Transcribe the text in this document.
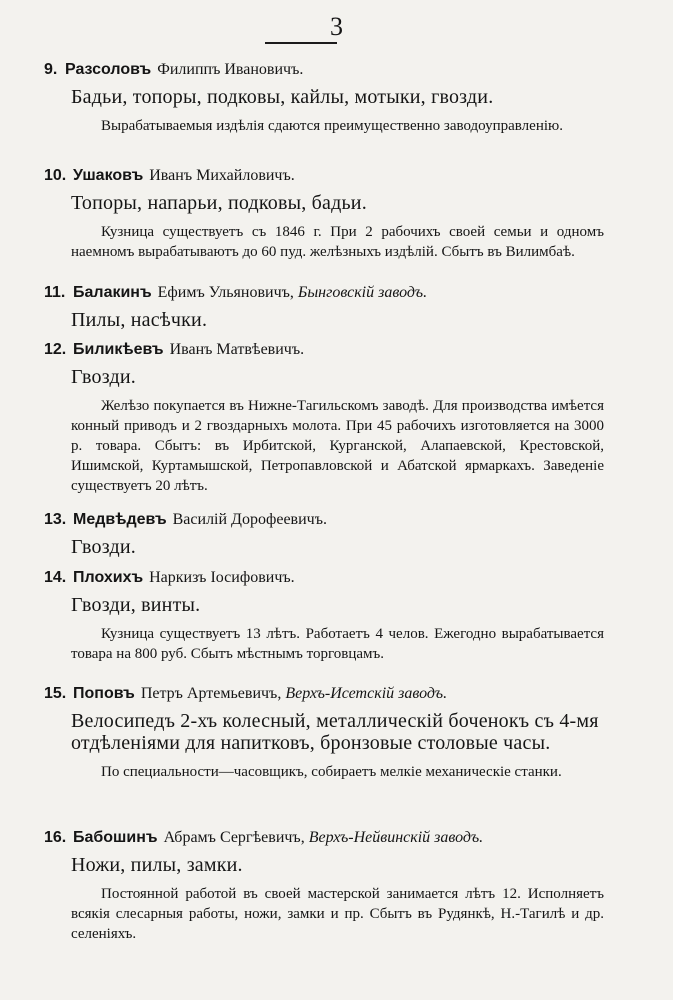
3
9. Разсоловъ Филиппъ Ивановичъ.
Бадьи, топоры, подковы, кайлы, мотыки, гвозди.
Вырабатываемыя издѣлія сдаются преимущественно заводоуправленію.
10. Ушаковъ Иванъ Михайловичъ.
Топоры, напарьи, подковы, бадьи.
Кузница существуетъ съ 1846 г. При 2 рабочихъ своей семьи и одномъ наемномъ вырабатываютъ до 60 пуд. желѣзныхъ издѣлій. Сбытъ въ Вилимбаѣ.
11. Балакинъ Ефимъ Ульяновичъ, Бынговскій заводъ.
Пилы, насѣчки.
12. Биликѣевъ Иванъ Матвѣевичъ.
Гвозди.
Желѣзо покупается въ Нижне-Тагильскомъ заводѣ. Для производства имѣется конный приводъ и 2 гвоздарныхъ молота. При 45 рабочихъ изготовляется на 3000 р. товара. Сбытъ: въ Ирбитской, Курганской, Алапаевской, Крестовской, Ишимской, Куртамышской, Петропавловской и Абатской ярмаркахъ. Заведеніе существуетъ 20 лѣтъ.
13. Медвѣдевъ Василій Дорофеевичъ.
Гвозди.
14. Плохихъ Наркизъ Іосифовичъ.
Гвозди, винты.
Кузница существуетъ 13 лѣтъ. Работаетъ 4 челов. Ежегодно вырабатывается товара на 800 руб. Сбытъ мѣстнымъ торговцамъ.
15. Поповъ Петръ Артемьевичъ, Верхъ-Исетскій заводъ.
Велосипедъ 2-хъ колесный, металлическій боченокъ съ 4-мя отдѣленіями для напитковъ, бронзовые столовые часы.
По специальности—часовщикъ, собираетъ мелкіе механическіе станки.
16. Бабошинъ Абрамъ Сергѣевичъ, Верхъ-Нейвинскій заводъ.
Ножи, пилы, замки.
Постоянной работой въ своей мастерской занимается лѣтъ 12. Исполняетъ всякія слесарныя работы, ножи, замки и пр. Сбытъ въ Рудянкѣ, Н.-Тагилѣ и др. селеніяхъ.
